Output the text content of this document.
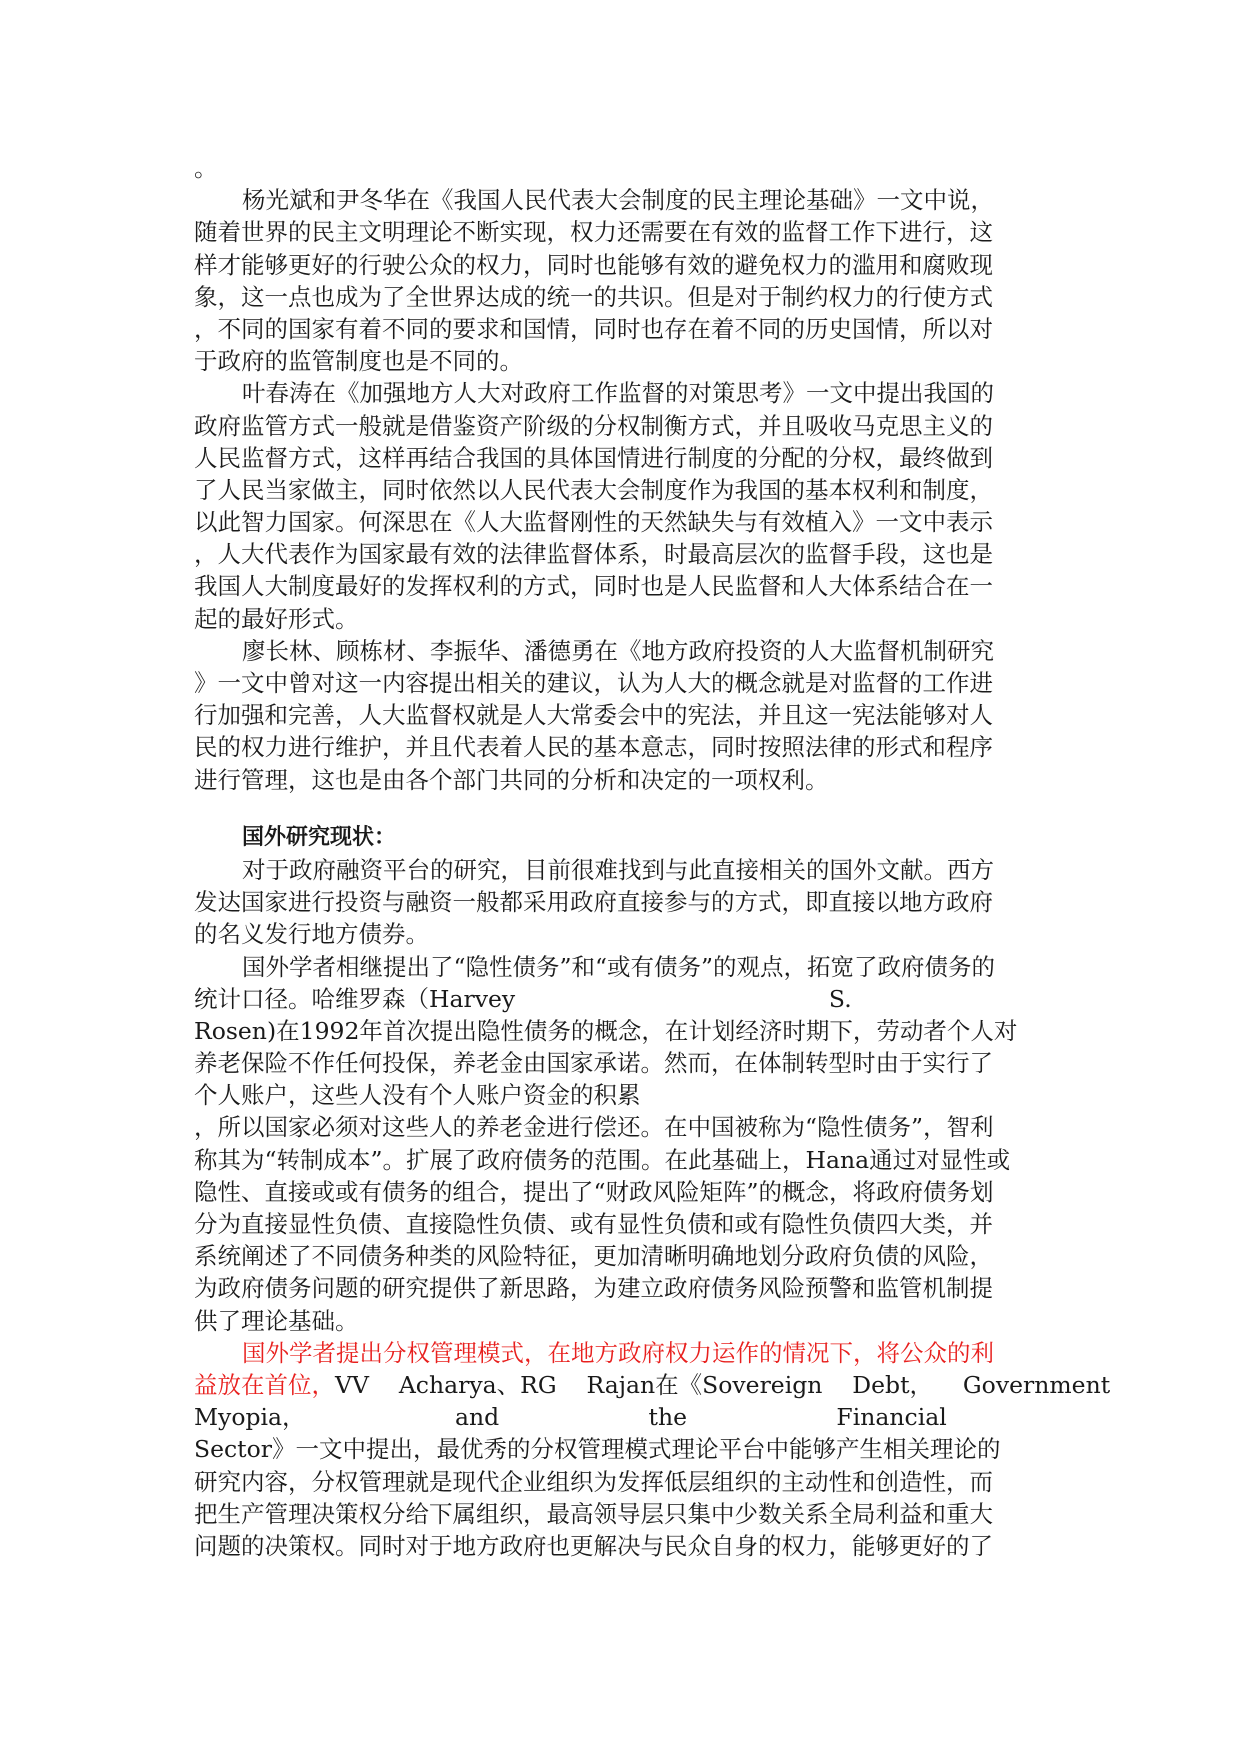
。
杨光斌和尹冬华在《我国人民代表大会制度的民主理论基础》一文中说，
随着世界的民主文明理论不断实现，权力还需要在有效的监督工作下进行，这
样才能够更好的行驶公众的权力，同时也能够有效的避免权力的滥用和腐败现
象，这一点也成为了全世界达成的统一的共识。但是对于制约权力的行使方式
，不同的国家有着不同的要求和国情，同时也存在着不同的历史国情，所以对
于政府的监管制度也是不同的。
叶春涛在《加强地方人大对政府工作监督的对策思考》一文中提出我国的
政府监管方式一般就是借鉴资产阶级的分权制衡方式，并且吸收马克思主义的
人民监督方式，这样再结合我国的具体国情进行制度的分配的分权，最终做到
了人民当家做主，同时依然以人民代表大会制度作为我国的基本权利和制度，
以此智力国家。何深思在《人大监督刚性的天然缺失与有效植入》一文中表示
，人大代表作为国家最有效的法律监督体系，时最高层次的监督手段，这也是
我国人大制度最好的发挥权利的方式，同时也是人民监督和人大体系结合在一
起的最好形式。
廖长林、顾栋材、李振华、潘德勇在《地方政府投资的人大监督机制研究
》一文中曾对这一内容提出相关的建议，认为人大的概念就是对监督的工作进
行加强和完善，人大监督权就是人大常委会中的宪法，并且这一宪法能够对人
民的权力进行维护，并且代表着人民的基本意志，同时按照法律的形式和程序
进行管理，这也是由各个部门共同的分析和决定的一项权利。
国外研究现状：
对于政府融资平台的研究，目前很难找到与此直接相关的国外文献。西方
发达国家进行投资与融资一般都采用政府直接参与的方式，即直接以地方政府
的名义发行地方债券。
国外学者相继提出了“隐性债务”和“或有债务”的观点，拓宽了政府债务的
统计口径。哈维罗森（Harvey                                          S.
Rosen)在1992年首次提出隐性债务的概念，在计划经济时期下，劳动者个人对
养老保险不作任何投保，养老金由国家承诺。然而，在体制转型时由于实行了
个人账户，这些人没有个人账户资金的积累
，所以国家必须对这些人的养老金进行偿还。在中国被称为“隐性债务”，智利
称其为“转制成本”。扩展了政府债务的范围。在此基础上，Hana通过对显性或
隐性、直接或或有债务的组合，提出了“财政风险矩阵”的概念，将政府债务划
分为直接显性负债、直接隐性负债、或有显性负债和或有隐性负债四大类，并
系统阐述了不同债务种类的风险特征，更加清晰明确地划分政府负债的风险，
为政府债务问题的研究提供了新思路，为建立政府债务风险预警和监管机制提
供了理论基础。
国外学者提出分权管理模式，在地方政府权力运作的情况下，将公众的利
益放在首位，VV    Acharya、RG    Rajan在《Sovereign    Debt，    Government
Myopia，                    and                    the                    Financial
Sector》一文中提出，最优秀的分权管理模式理论平台中能够产生相关理论的
研究内容，分权管理就是现代企业组织为发挥低层组织的主动性和创造性，而
把生产管理决策权分给下属组织，最高领导层只集中少数关系全局利益和重大
问题的决策权。同时对于地方政府也更解决与民众自身的权力，能够更好的了
